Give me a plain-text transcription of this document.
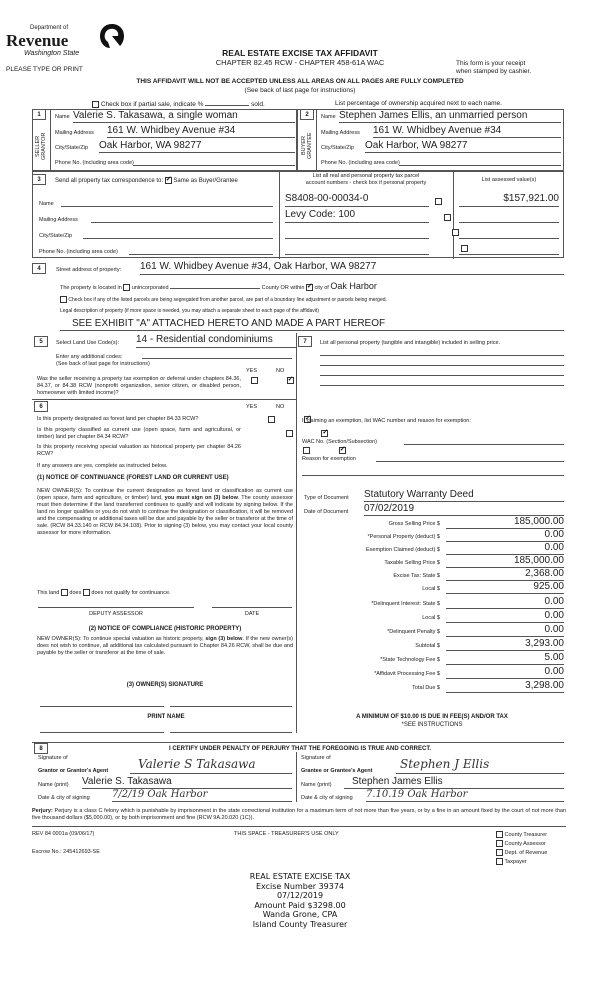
Department of
Revenue
Washington State
PLEASE TYPE OR PRINT
REAL ESTATE EXCISE TAX AFFIDAVIT
CHAPTER 82.45 RCW - CHAPTER 458-61A WAC	This form is your receipt
when stamped by cashier.
THIS AFFIDAVIT WILL NOT BE ACCEPTED UNLESS ALL AREAS ON ALL PAGES ARE FULLY COMPLETED
(See back of last page for instructions)
Check box if partial sale, indicate %	sold.	List percentage of ownership acquired next to each name.
1
SELLER GRANTOR
Name Valerie S. Takasawa, a single woman
Mailing Address 161 W. Whidbey Avenue #34
City/State/Zip Oak Harbor, WA 98277
Phone No. (including area code)
2
BUYER GRANTEE
Name Stephen James Ellis, an unmarried person
Mailing Address 161 W. Whidbey Avenue #34
City/State/Zip Oak Harbor, WA 98277
Phone No. (including area code)
3	Send all property tax correspondence to: ✓ Same as Buyer/Grantee
List all real and personal property tax parcel
account numbers - check box if personal property	List assessed value(s)
Name
Mailing Address
City/State/Zip
Phone No. (including area code)
S8408-00-00034-0
	$157,921.00
Levy Code: 100

4	Street address of property: 161 W. Whidbey Avenue #34, Oak Harbor, WA 98277
The property is located in unincorporated	County OR within ✓ city of Oak Harbor
Check box if any of the listed parcels are being segregated from another parcel, are part of a boundary line adjustment or parcels being merged.
Legal description of property (if more space is needed, you may attach a separate sheet to each page of the affidavit)
SEE EXHIBIT "A" ATTACHED HERETO AND MADE A PART HEREOF
5	Select Land Use Code(s): 14 - Residential condominiums
Enter any additional codes:
(See back of last page for instructions)
YES	NO
Was the seller receiving a property tax exemption or deferral under chapters 84.36, 84.37, or 84.38 RCW (nonprofit organization, senior citizen, or disabled person, homeowner with limited income)?
✓
6	YES	NO
Is this property designated as forest land per chapter 84.33 RCW?
✓
Is this property classified as current use (open space, farm and agricultural, or timber) land per chapter 84.34 RCW?
✓
Is this property receiving special valuation as historical property per chapter 84.26 RCW?
✓
If any answers are yes, complete as instructed below.
(1) NOTICE OF CONTINUANCE (FOREST LAND OR CURRENT USE)
NEW OWNER(S): To continue the current designation as forest land or classification as current use (open space, farm and agriculture, or timber) land, you must sign on (3) below. The county assessor must then determine if the land transferred continues to qualify and will indicate by signing below. If the land no longer qualifies or you do not wish to continue the designation or classification, it will be removed and the compensating or additional taxes will be due and payable by the seller or transferor at the time of sale. (RCW 84.33.140 or RCW 84.34.108). Prior to signing (3) below, you may contact your local county assessor for more information.
This land does does not qualify for continuance.
DEPUTY ASSESSOR	DATE
(2) NOTICE OF COMPLIANCE (HISTORIC PROPERTY)
NEW OWNER(S): To continue special valuation as historic property, sign (3) below. If the new owner(s) does not wish to continue, all additional tax calculated pursuant to Chapter 84.26 RCW, shall be due and payable by the seller or transferor at the time of sale.
(3) OWNER(S) SIGNATURE
PRINT NAME
7	List all personal property (tangible and intangible) included in selling price.
If claiming an exemption, list WAC number and reason for exemption:
WAC No. (Section/Subsection)
Reason for exemption
Type of Document Statutory Warranty Deed
Date of Document 07/02/2019
Gross Selling Price $	185,000.00
*Personal Property (deduct) $	0.00
Exemption Claimed (deduct) $	0.00
Taxable Selling Price $	185,000.00
Excise Tax: State $	2,368.00
Local $	925.00
*Delinquent Interest: State $	0.00
Local $	0.00
*Delinquent Penalty $	0.00
Subtotal $	3,293.00
*State Technology Fee $	5.00
*Affidavit Processing Fee $	0.00
Total Due $	3,298.00
A MINIMUM OF $10.00 IS DUE IN FEE(S) AND/OR TAX
*SEE INSTRUCTIONS
8	I CERTIFY UNDER PENALTY OF PERJURY THAT THE FOREGOING IS TRUE AND CORRECT.
Signature of
Grantor or Grantor's Agent	Valerie S Takasawa
Name (print) Valerie S. Takasawa
Date & city of signing 7/2/19 Oak Harbor
Signature of
Grantee or Grantee's Agent	Stephen J Ellis
Name (print)	Stephen James Ellis
Date & city of signing 7.10.19 Oak Harbor
Perjury: Perjury is a class C felony which is punishable by imprisonment in the state correctional institution for a maximum term of not more than five years, or by a fine in an amount fixed by the court of not more than five thousand dollars ($5,000.00), or by both imprisonment and fine (RCW 9A.20.020 (1C)).
REV 84 0001a (09/06/17)	THIS SPACE - TREASURER'S USE ONLY
Escrow No.: 245412693-SE
County Treasurer
County Assessor
Dept. of Revenue
Taxpayer
REAL ESTATE EXCISE TAX
Excise Number 39374
07/12/2019
Amount Paid $3298.00
Wanda Grone, CPA
Island County Treasurer
